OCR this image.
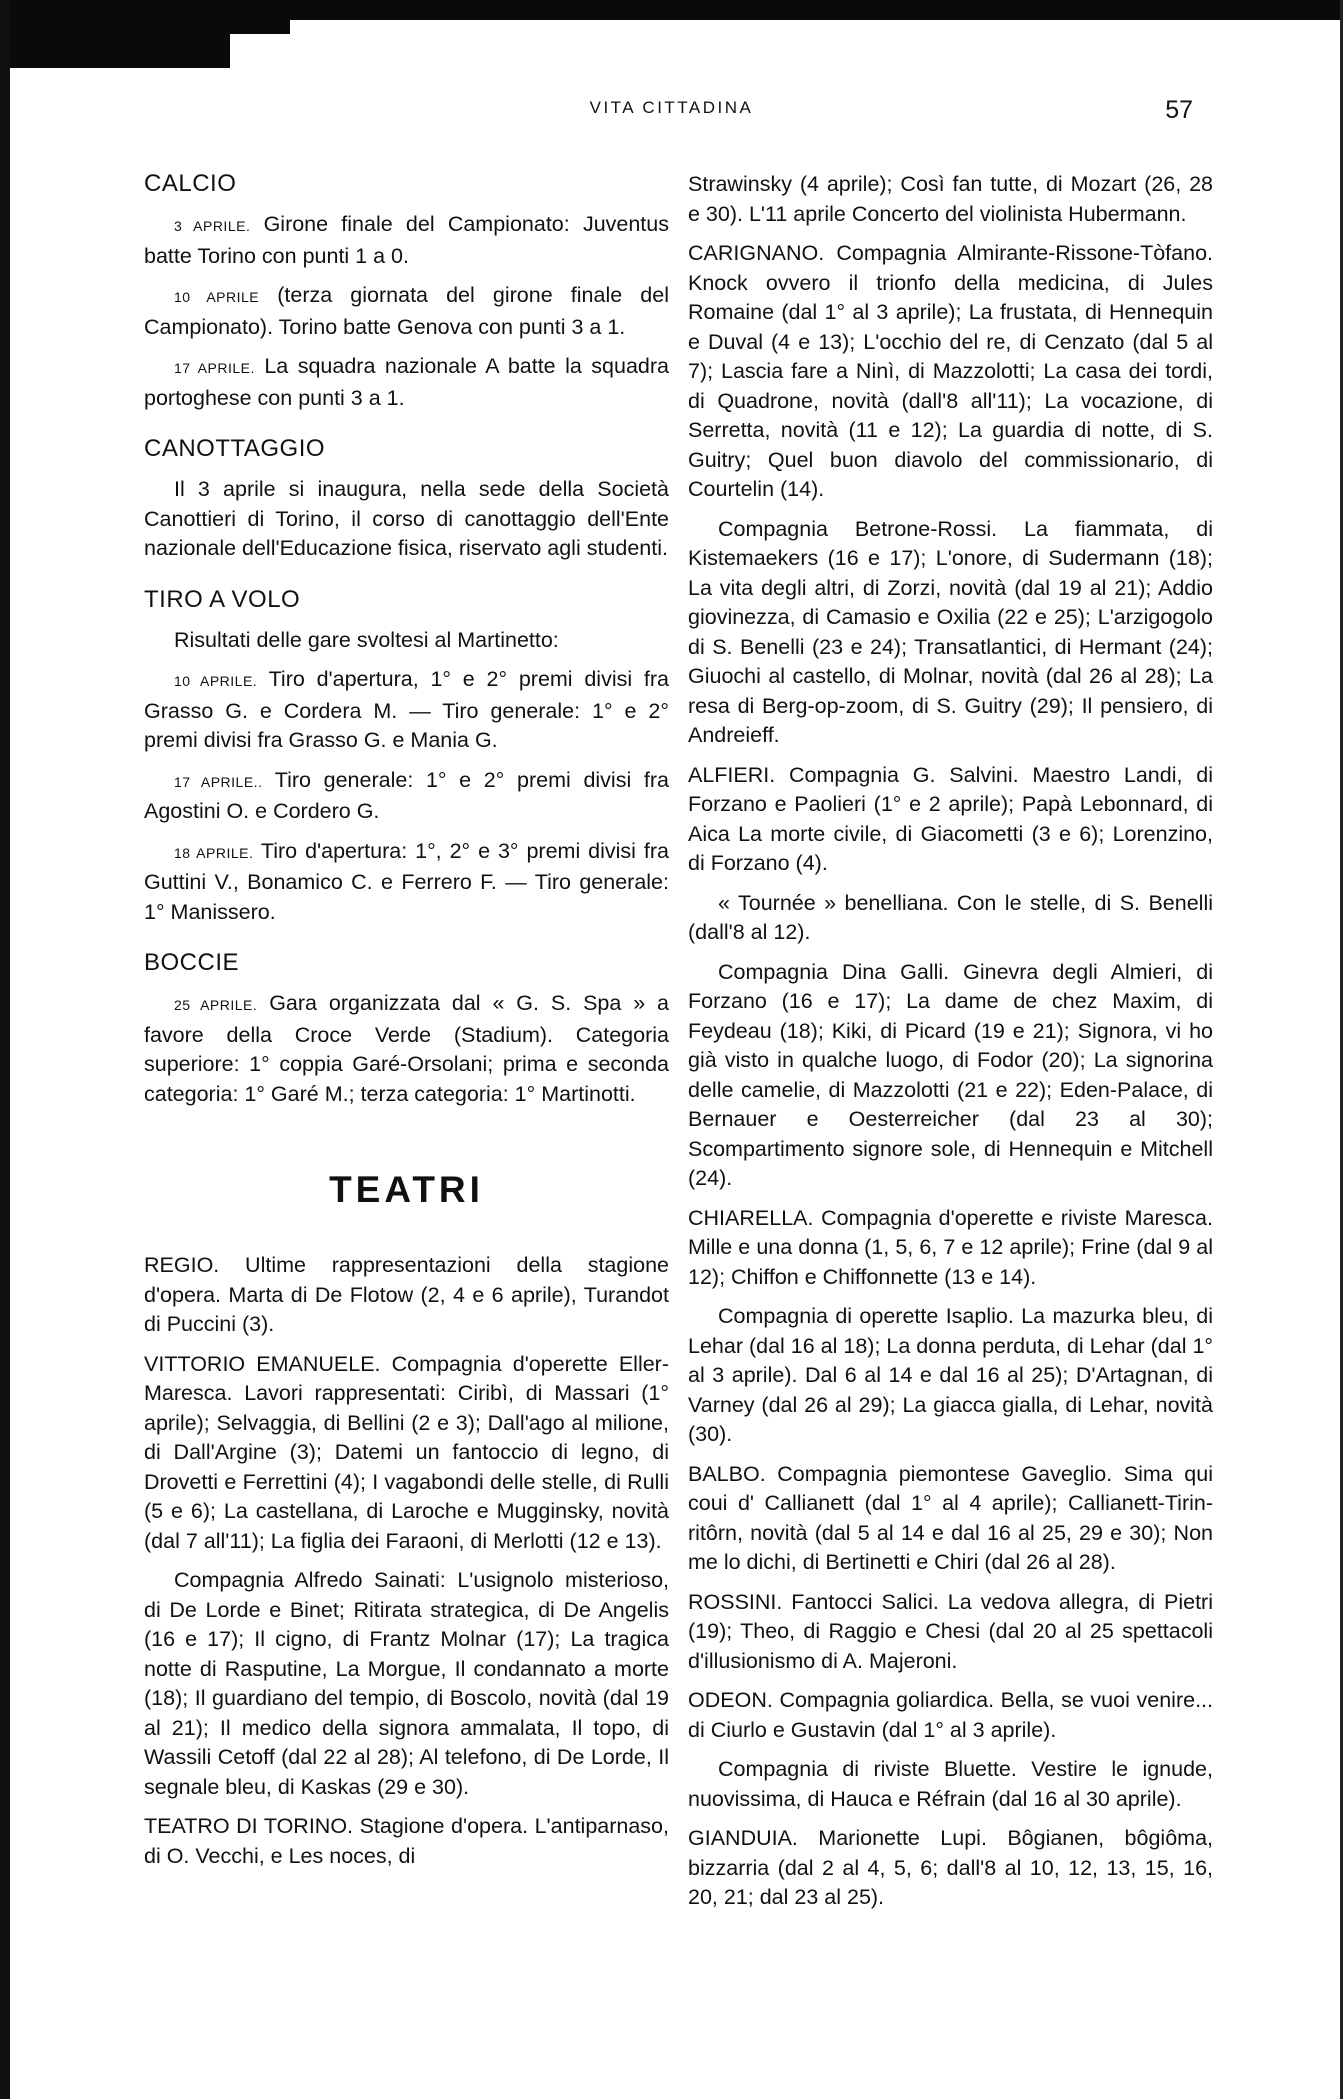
VITA CITTADINA	57
CALCIO

3 APRILE. Girone finale del Campionato: Juventus batte Torino con punti 1 a 0.

10 APRILE (terza giornata del girone finale del Campionato). Torino batte Genova con punti 3 a 1.

17 APRILE. La squadra nazionale A batte la squadra portoghese con punti 3 a 1.

CANOTTAGGIO

Il 3 aprile si inaugura, nella sede della Società Canottieri di Torino, il corso di canottaggio dell'Ente nazionale dell'Educazione fisica, riservato agli studenti.

TIRO A VOLO

Risultati delle gare svoltesi al Martinetto:

10 APRILE. Tiro d'apertura, 1° e 2° premi divisi fra Grasso G. e Cordera M. — Tiro generale: 1° e 2° premi divisi fra Grasso G. e Mania G.

17 APRILE.. Tiro generale: 1° e 2° premi divisi fra Agostini O. e Cordero G.

18 APRILE. Tiro d'apertura: 1°, 2° e 3° premi divisi fra Guttini V., Bonamico C. e Ferrero F. — Tiro generale: 1° Manissero.

BOCCIE

25 APRILE. Gara organizzata dal « G. S. Spa » a favore della Croce Verde (Stadium). Categoria superiore: 1° coppia Garé-Orsolani; prima e seconda categoria: 1° Garé M.; terza categoria: 1° Martinotti.

TEATRI

REGIO. Ultime rappresentazioni della stagione d'opera. Marta di De Flotow (2, 4 e 6 aprile), Turandot di Puccini (3).

VITTORIO EMANUELE. Compagnia d'operette Eller-Maresca. Lavori rappresentati: Ciribì, di Massari (1° aprile); Selvaggia, di Bellini (2 e 3); Dall'ago al milione, di Dall'Argine (3); Datemi un fantoccio di legno, di Drovetti e Ferrettini (4); I vagabondi delle stelle, di Rulli (5 e 6); La castellana, di Laroche e Mugginsky, novità (dal 7 all'11); La figlia dei Faraoni, di Merlotti (12 e 13).

Compagnia Alfredo Sainati: L'usignolo misterioso, di De Lorde e Binet; Ritirata strategica, di De Angelis (16 e 17); Il cigno, di Frantz Molnar (17); La tragica notte di Rasputine, La Morgue, Il condannato a morte (18); Il guardiano del tempio, di Boscolo, novità (dal 19 al 21); Il medico della signora ammalata, Il topo, di Wassili Cetoff (dal 22 al 28); Al telefono, di De Lorde, Il segnale bleu, di Kaskas (29 e 30).

TEATRO DI TORINO. Stagione d'opera. L'antiparnaso, di O. Vecchi, e Les noces, di

Strawinsky (4 aprile); Così fan tutte, di Mozart (26, 28 e 30). L'11 aprile Concerto del violinista Hubermann.

CARIGNANO. Compagnia Almirante-Rissone-Tòfano. Knock ovvero il trionfo della medicina, di Jules Romaine (dal 1° al 3 aprile); La frustata, di Hennequin e Duval (4 e 13); L'occhio del re, di Cenzato (dal 5 al 7); Lascia fare a Ninì, di Mazzolotti; La casa dei tordi, di Quadrone, novità (dall'8 all'11); La vocazione, di Serretta, novità (11 e 12); La guardia di notte, di S. Guitry; Quel buon diavolo del commissionario, di Courtelin (14).

Compagnia Betrone-Rossi. La fiammata, di Kistemaekers (16 e 17); L'onore, di Sudermann (18); La vita degli altri, di Zorzi, novità (dal 19 al 21); Addio giovinezza, di Camasio e Oxilia (22 e 25); L'arzigogolo di S. Benelli (23 e 24); Transatlantici, di Hermant (24); Giuochi al castello, di Molnar, novità (dal 26 al 28); La resa di Berg-op-zoom, di S. Guitry (29); Il pensiero, di Andreieff.

ALFIERI. Compagnia G. Salvini. Maestro Landi, di Forzano e Paolieri (1° e 2 aprile); Papà Lebonnard, di Aica La morte civile, di Giacometti (3 e 6); Lorenzino, di Forzano (4).

« Tournée » benelliana. Con le stelle, di S. Benelli (dall'8 al 12).

Compagnia Dina Galli. Ginevra degli Almieri, di Forzano (16 e 17); La dame de chez Maxim, di Feydeau (18); Kiki, di Picard (19 e 21); Signora, vi ho già visto in qualche luogo, di Fodor (20); La signorina delle camelie, di Mazzolotti (21 e 22); Eden-Palace, di Bernauer e Oesterreicher (dal 23 al 30); Scompartimento signore sole, di Hennequin e Mitchell (24).

CHIARELLA. Compagnia d'operette e riviste Maresca. Mille e una donna (1, 5, 6, 7 e 12 aprile); Frine (dal 9 al 12); Chiffon e Chiffonnette (13 e 14).

Compagnia di operette Isaplio. La mazurka bleu, di Lehar (dal 16 al 18); La donna perduta, di Lehar (dal 1° al 3 aprile). Dal 6 al 14 e dal 16 al 25); D'Artagnan, di Varney (dal 26 al 29); La giacca gialla, di Lehar, novità (30).

BALBO. Compagnia piemontese Gaveglio. Sima qui coui d' Callianett (dal 1° al 4 aprile); Callianett-Tirin-ritôrn, novità (dal 5 al 14 e dal 16 al 25, 29 e 30); Non me lo dichi, di Bertinetti e Chiri (dal 26 al 28).

ROSSINI. Fantocci Salici. La vedova allegra, di Pietri (19); Theo, di Raggio e Chesi (dal 20 al 25 spettacoli d'illusionismo di A. Majeroni.

ODEON. Compagnia goliardica. Bella, se vuoi venire... di Ciurlo e Gustavin (dal 1° al 3 aprile).

Compagnia di riviste Bluette. Vestire le ignude, nuovissima, di Hauca e Réfrain (dal 16 al 30 aprile).

GIANDUIA. Marionette Lupi. Bôgianen, bôgiôma, bizzarria (dal 2 al 4, 5, 6; dall'8 al 10, 12, 13, 15, 16, 20, 21; dal 23 al 25).
